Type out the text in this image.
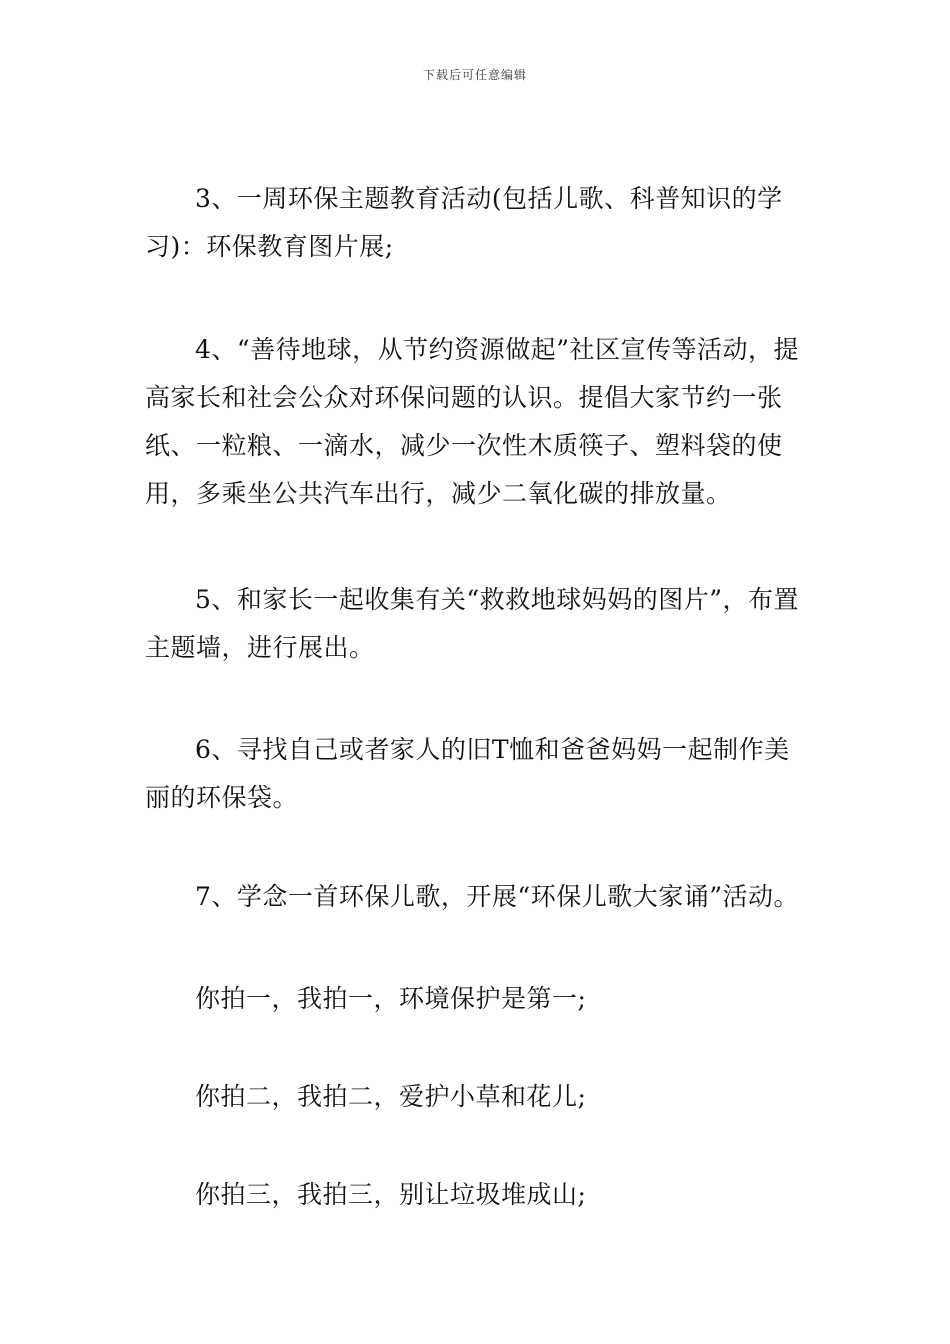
下载后可任意编辑

3、一周环保主题教育活动(包括儿歌、科普知识的学习)：环保教育图片展;

4、“善待地球，从节约资源做起”社区宣传等活动，提高家长和社会公众对环保问题的认识。提倡大家节约一张纸、一粒粮、一滴水，减少一次性木质筷子、塑料袋的使用，多乘坐公共汽车出行，减少二氧化碳的排放量。

5、和家长一起收集有关“救救地球妈妈的图片”，布置主题墙，进行展出。

6、寻找自己或者家人的旧T恤和爸爸妈妈一起制作美丽的环保袋。

7、学念一首环保儿歌，开展“环保儿歌大家诵”活动。

你拍一，我拍一，环境保护是第一;

你拍二，我拍二，爱护小草和花儿;

你拍三，我拍三，别让垃圾堆成山;
